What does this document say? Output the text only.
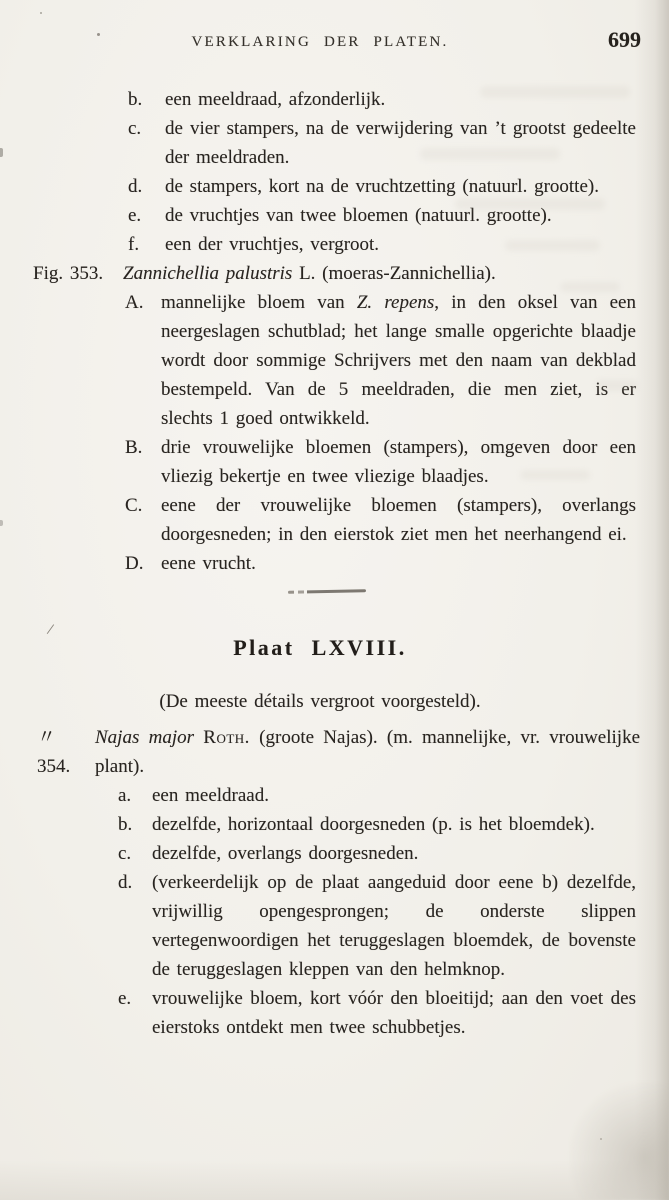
VERKLARING DER PLATEN.	699
b.	een meeldraad, afzonderlijk.
c.	de vier stampers, na de verwijdering van ’t grootst gedeelte der meeldraden.
d.	de stampers, kort na de vruchtzetting (natuurl. grootte).
e.	de vruchtjes van twee bloemen (natuurl. grootte).
f.	een der vruchtjes, vergroot.
Fig. 353.	Zannichellia palustris L. (moeras-Zannichellia).
A. mannelijke bloem van Z. repens, in den oksel van een neergeslagen schutblad; het lange smalle opgerichte blaadje wordt door sommige Schrijvers met den naam van dekblad bestempeld. Van de 5 meeldraden, die men ziet, is er slechts 1 goed ontwikkeld.
B. drie vrouwelijke bloemen (stampers), omgeven door een vliezig bekertje en twee vliezige blaadjes.
C. eene der vrouwelijke bloemen (stampers), overlangs doorgesneden; in den eierstok ziet men het neerhangend ei.
D. eene vrucht.
Plaat LXVIII.

(De meeste détails vergroot voorgesteld).

〃 354.
Najas major Roth. (groote Najas). (m. mannelijke, vr. vrouwelijke plant).
a.	een meeldraad.
b.	dezelfde, horizontaal doorgesneden (p. is het bloemdek).
c.	dezelfde, overlangs doorgesneden.
d.	(verkeerdelijk op de plaat aangeduid door eene b) dezelfde, vrijwillig opengesprongen; de onderste slippen vertegenwoordigen het teruggeslagen bloemdek, de bovenste de teruggeslagen kleppen van den helmknop.
e.	vrouwelijke bloem, kort vóór den bloeitijd; aan den voet des eierstoks ontdekt men twee schubbetjes.
/
